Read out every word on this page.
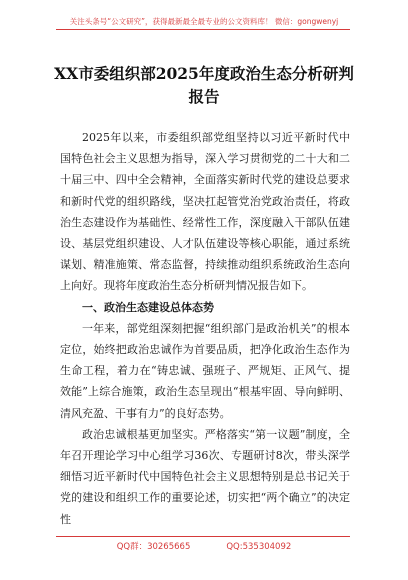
关注头条号“公文研究”，获得最新最全最专业的公文资料库！ 微信：gongwenyj
XX市委组织部2025年度政治生态分析研判报告

2025年以来，市委组织部党组坚持以习近平新时代中国特色社会主义思想为指导，深入学习贯彻党的二十大和二十届三中、四中全会精神，全面落实新时代党的建设总要求和新时代党的组织路线，坚决扛起管党治党政治责任，将政治生态建设作为基础性、经常性工作，深度融入干部队伍建设、基层党组织建设、人才队伍建设等核心职能，通过系统谋划、精准施策、常态监督，持续推动组织系统政治生态向上向好。现将年度政治生态分析研判情况报告如下。

一、政治生态建设总体态势

一年来，部党组深刻把握“组织部门是政治机关”的根本定位，始终把政治忠诚作为首要品质，把净化政治生态作为生命工程，着力在“铸忠诚、强班子、严规矩、正风气、提效能”上综合施策，政治生态呈现出“根基牢固、导向鲜明、清风充盈、干事有力”的良好态势。

政治忠诚根基更加坚实。严格落实“第一议题”制度，全年召开理论学习中心组学习36次、专题研讨8次，带头深学细悟习近平新时代中国特色社会主义思想特别是总书记关于党的建设和组织工作的重要论述，切实把“两个确立”的决定性

QQ群：30265665	QQ:535304092
